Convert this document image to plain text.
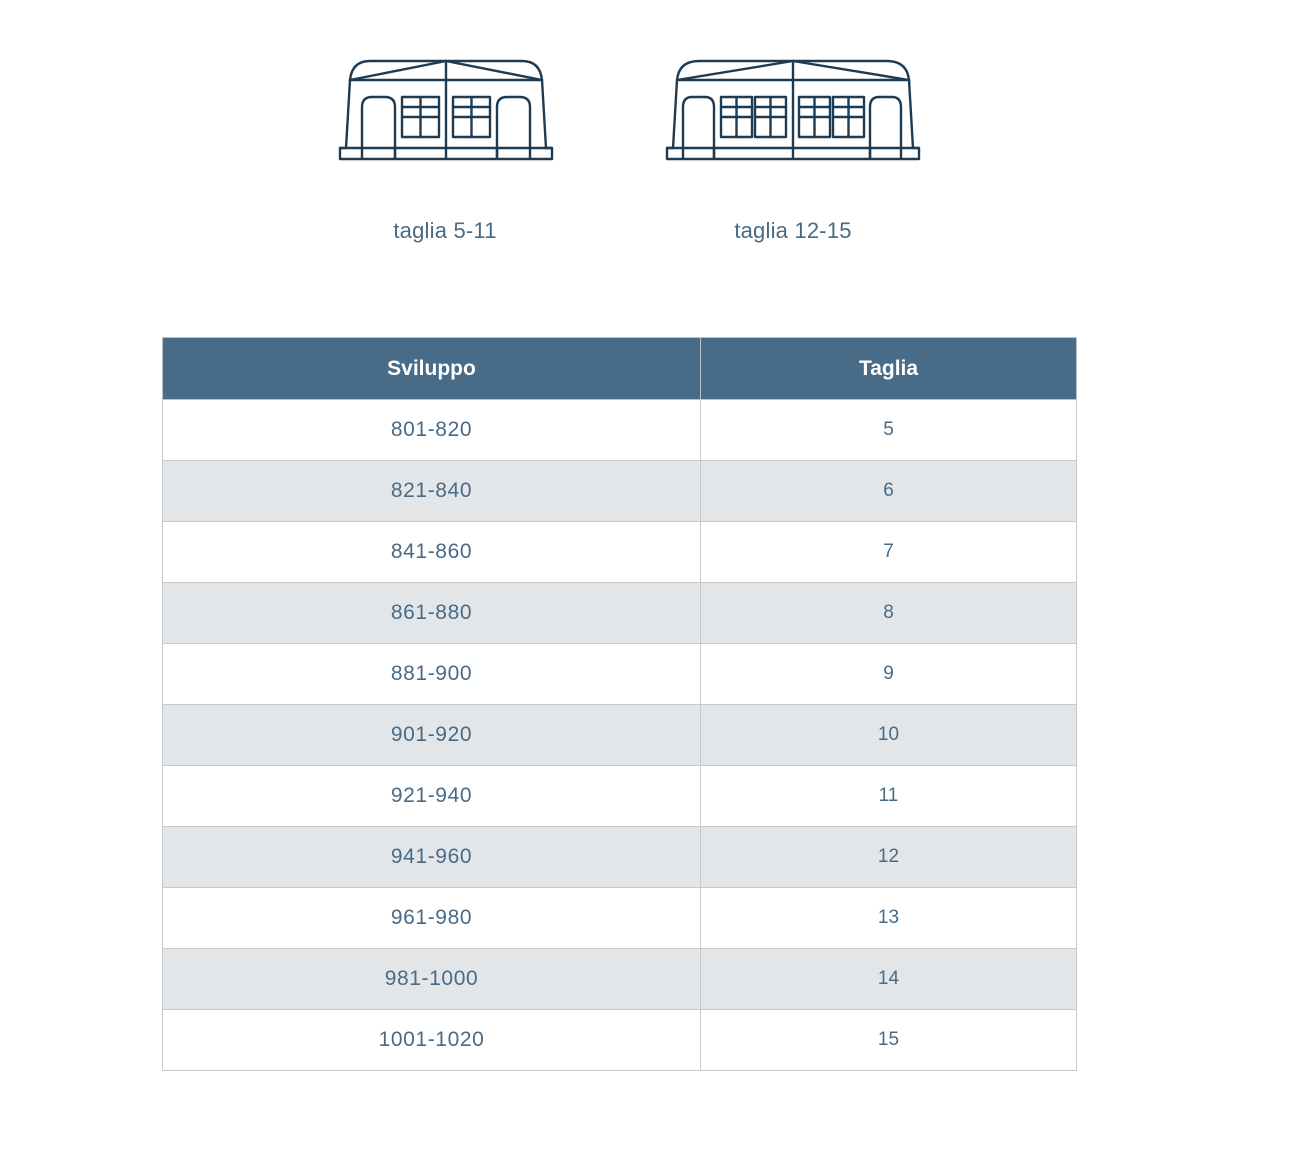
taglia 5-11	taglia 12-15
Sviluppo	Taglia
801-820	5
821-840	6
841-860	7
861-880	8
881-900	9
901-920	10
921-940	11
941-960	12
961-980	13
981-1000	14
1001-1020	15
